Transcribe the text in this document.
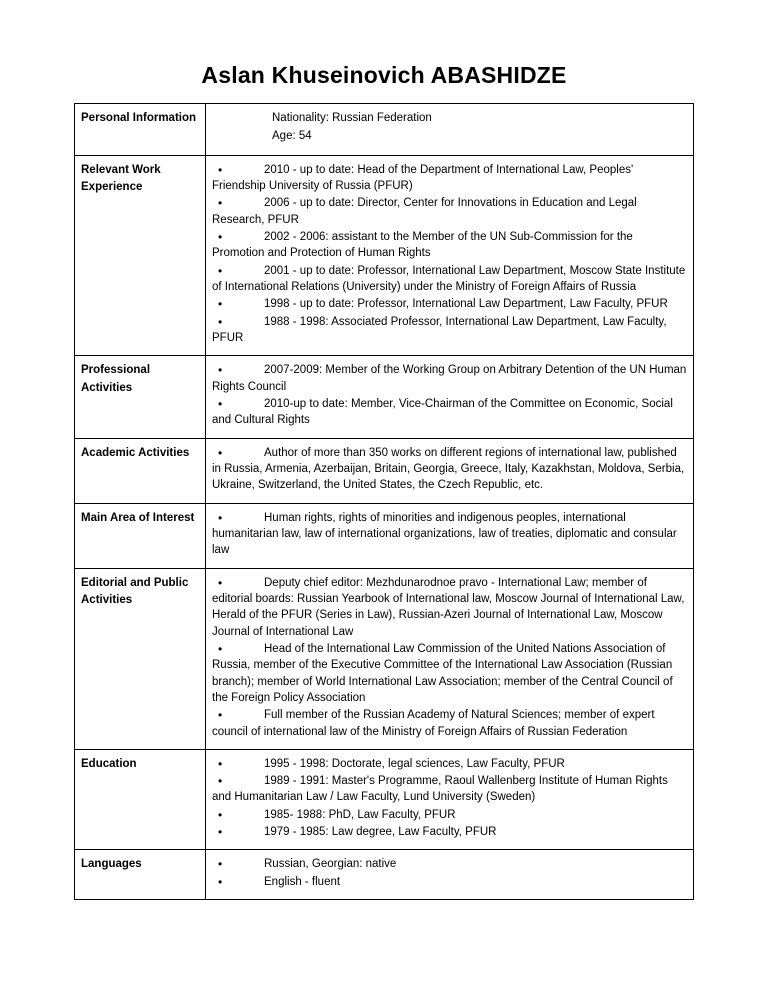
Aslan Khuseinovich ABASHIDZE
Personal Information	Nationality: Russian Federation
Age: 54

Relevant Work Experience	
• 2010 - up to date: Head of the Department of International Law, Peoples' Friendship University of Russia (PFUR)
• 2006 - up to date: Director, Center for Innovations in Education and Legal Research, PFUR
• 2002 - 2006: assistant to the Member of the UN Sub-Commission for the Promotion and Protection of Human Rights
• 2001 - up to date: Professor, International Law Department, Moscow State Institute of International Relations (University) under the Ministry of Foreign Affairs of Russia
• 1998 - up to date: Professor, International Law Department, Law Faculty, PFUR
• 1988 - 1998: Associated Professor, International Law Department, Law Faculty, PFUR

Professional Activities	
• 2007-2009: Member of the Working Group on Arbitrary Detention of the UN Human Rights Council
• 2010-up to date: Member, Vice-Chairman of the Committee on Economic, Social and Cultural Rights

Academic Activities	
•Author of more than 350 works on different regions of international law, published in Russia, Armenia, Azerbaijan, Britain, Georgia, Greece, Italy, Kazakhstan, Moldova, Serbia, Ukraine, Switzerland, the United States, the Czech Republic, etc.

Main Area of Interest	
•Human rights, rights of minorities and indigenous peoples, international humanitarian law, law of international organizations, law of treaties, diplomatic and consular law

Editorial and Public Activities	
• Deputy chief editor: Mezhdunarodnoe pravo - International Law; member of editorial boards: Russian Yearbook of International law, Moscow Journal of International Law, Herald of the PFUR (Series in Law), Russian-Azeri Journal of International Law, Moscow Journal of International Law
• Head of the International Law Commission of the United Nations Association of Russia, member of the Executive Committee of the International Law Association (Russian branch); member of World International Law Association; member of the Central Council of the Foreign Policy Association
• Full member of the Russian Academy of Natural Sciences; member of expert council of international law of the Ministry of Foreign Affairs of Russian Federation

Education	
•1995 - 1998: Doctorate, legal sciences, Law Faculty, PFUR
• 1989 - 1991: Master's Programme, Raoul Wallenberg Institute of Human Rights and Humanitarian Law / Law Faculty, Lund University (Sweden)
• 1985- 1988: PhD, Law Faculty, PFUR
• 1979 - 1985: Law degree, Law Faculty, PFUR

Languages	
•Russian, Georgian: native
• English - fluent
